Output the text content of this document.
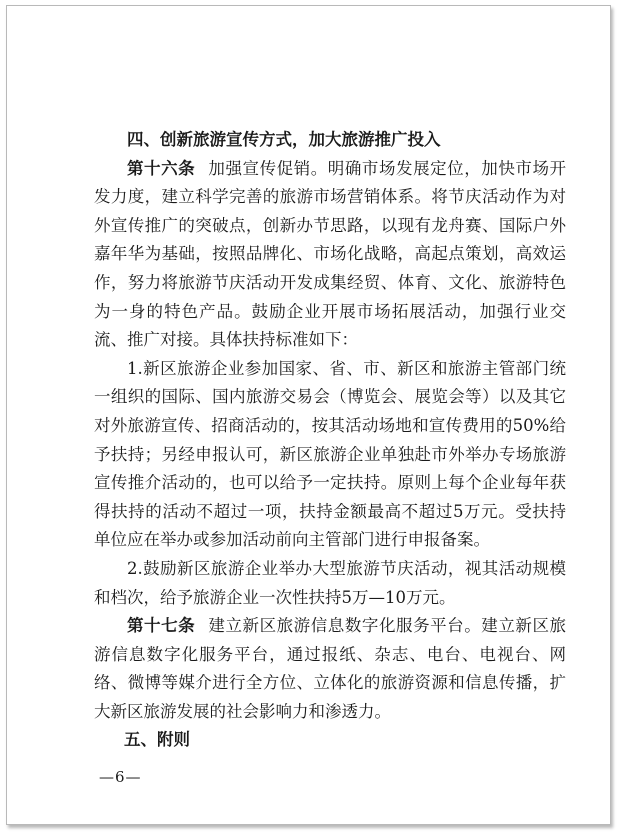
四、创新旅游宣传方式，加大旅游推广投入

第十六条 加强宣传促销。明确市场发展定位，加快市场开发力度，建立科学完善的旅游市场营销体系。将节庆活动作为对外宣传推广的突破点，创新办节思路，以现有龙舟赛、国际户外嘉年华为基础，按照品牌化、市场化战略，高起点策划，高效运作，努力将旅游节庆活动开发成集经贸、体育、文化、旅游特色为一身的特色产品。鼓励企业开展市场拓展活动，加强行业交流、推广对接。具体扶持标准如下：

1.新区旅游企业参加国家、省、市、新区和旅游主管部门统一组织的国际、国内旅游交易会（博览会、展览会等）以及其它对外旅游宣传、招商活动的，按其活动场地和宣传费用的50%给予扶持；另经申报认可，新区旅游企业单独赴市外举办专场旅游宣传推介活动的，也可以给予一定扶持。原则上每个企业每年获得扶持的活动不超过一项，扶持金额最高不超过5万元。受扶持单位应在举办或参加活动前向主管部门进行申报备案。

2.鼓励新区旅游企业举办大型旅游节庆活动，视其活动规模和档次，给予旅游企业一次性扶持5万—10万元。

第十七条 建立新区旅游信息数字化服务平台。建立新区旅游信息数字化服务平台，通过报纸、杂志、电台、电视台、网络、微博等媒介进行全方位、立体化的旅游资源和信息传播，扩大新区旅游发展的社会影响力和渗透力。

五、附则

—6—
